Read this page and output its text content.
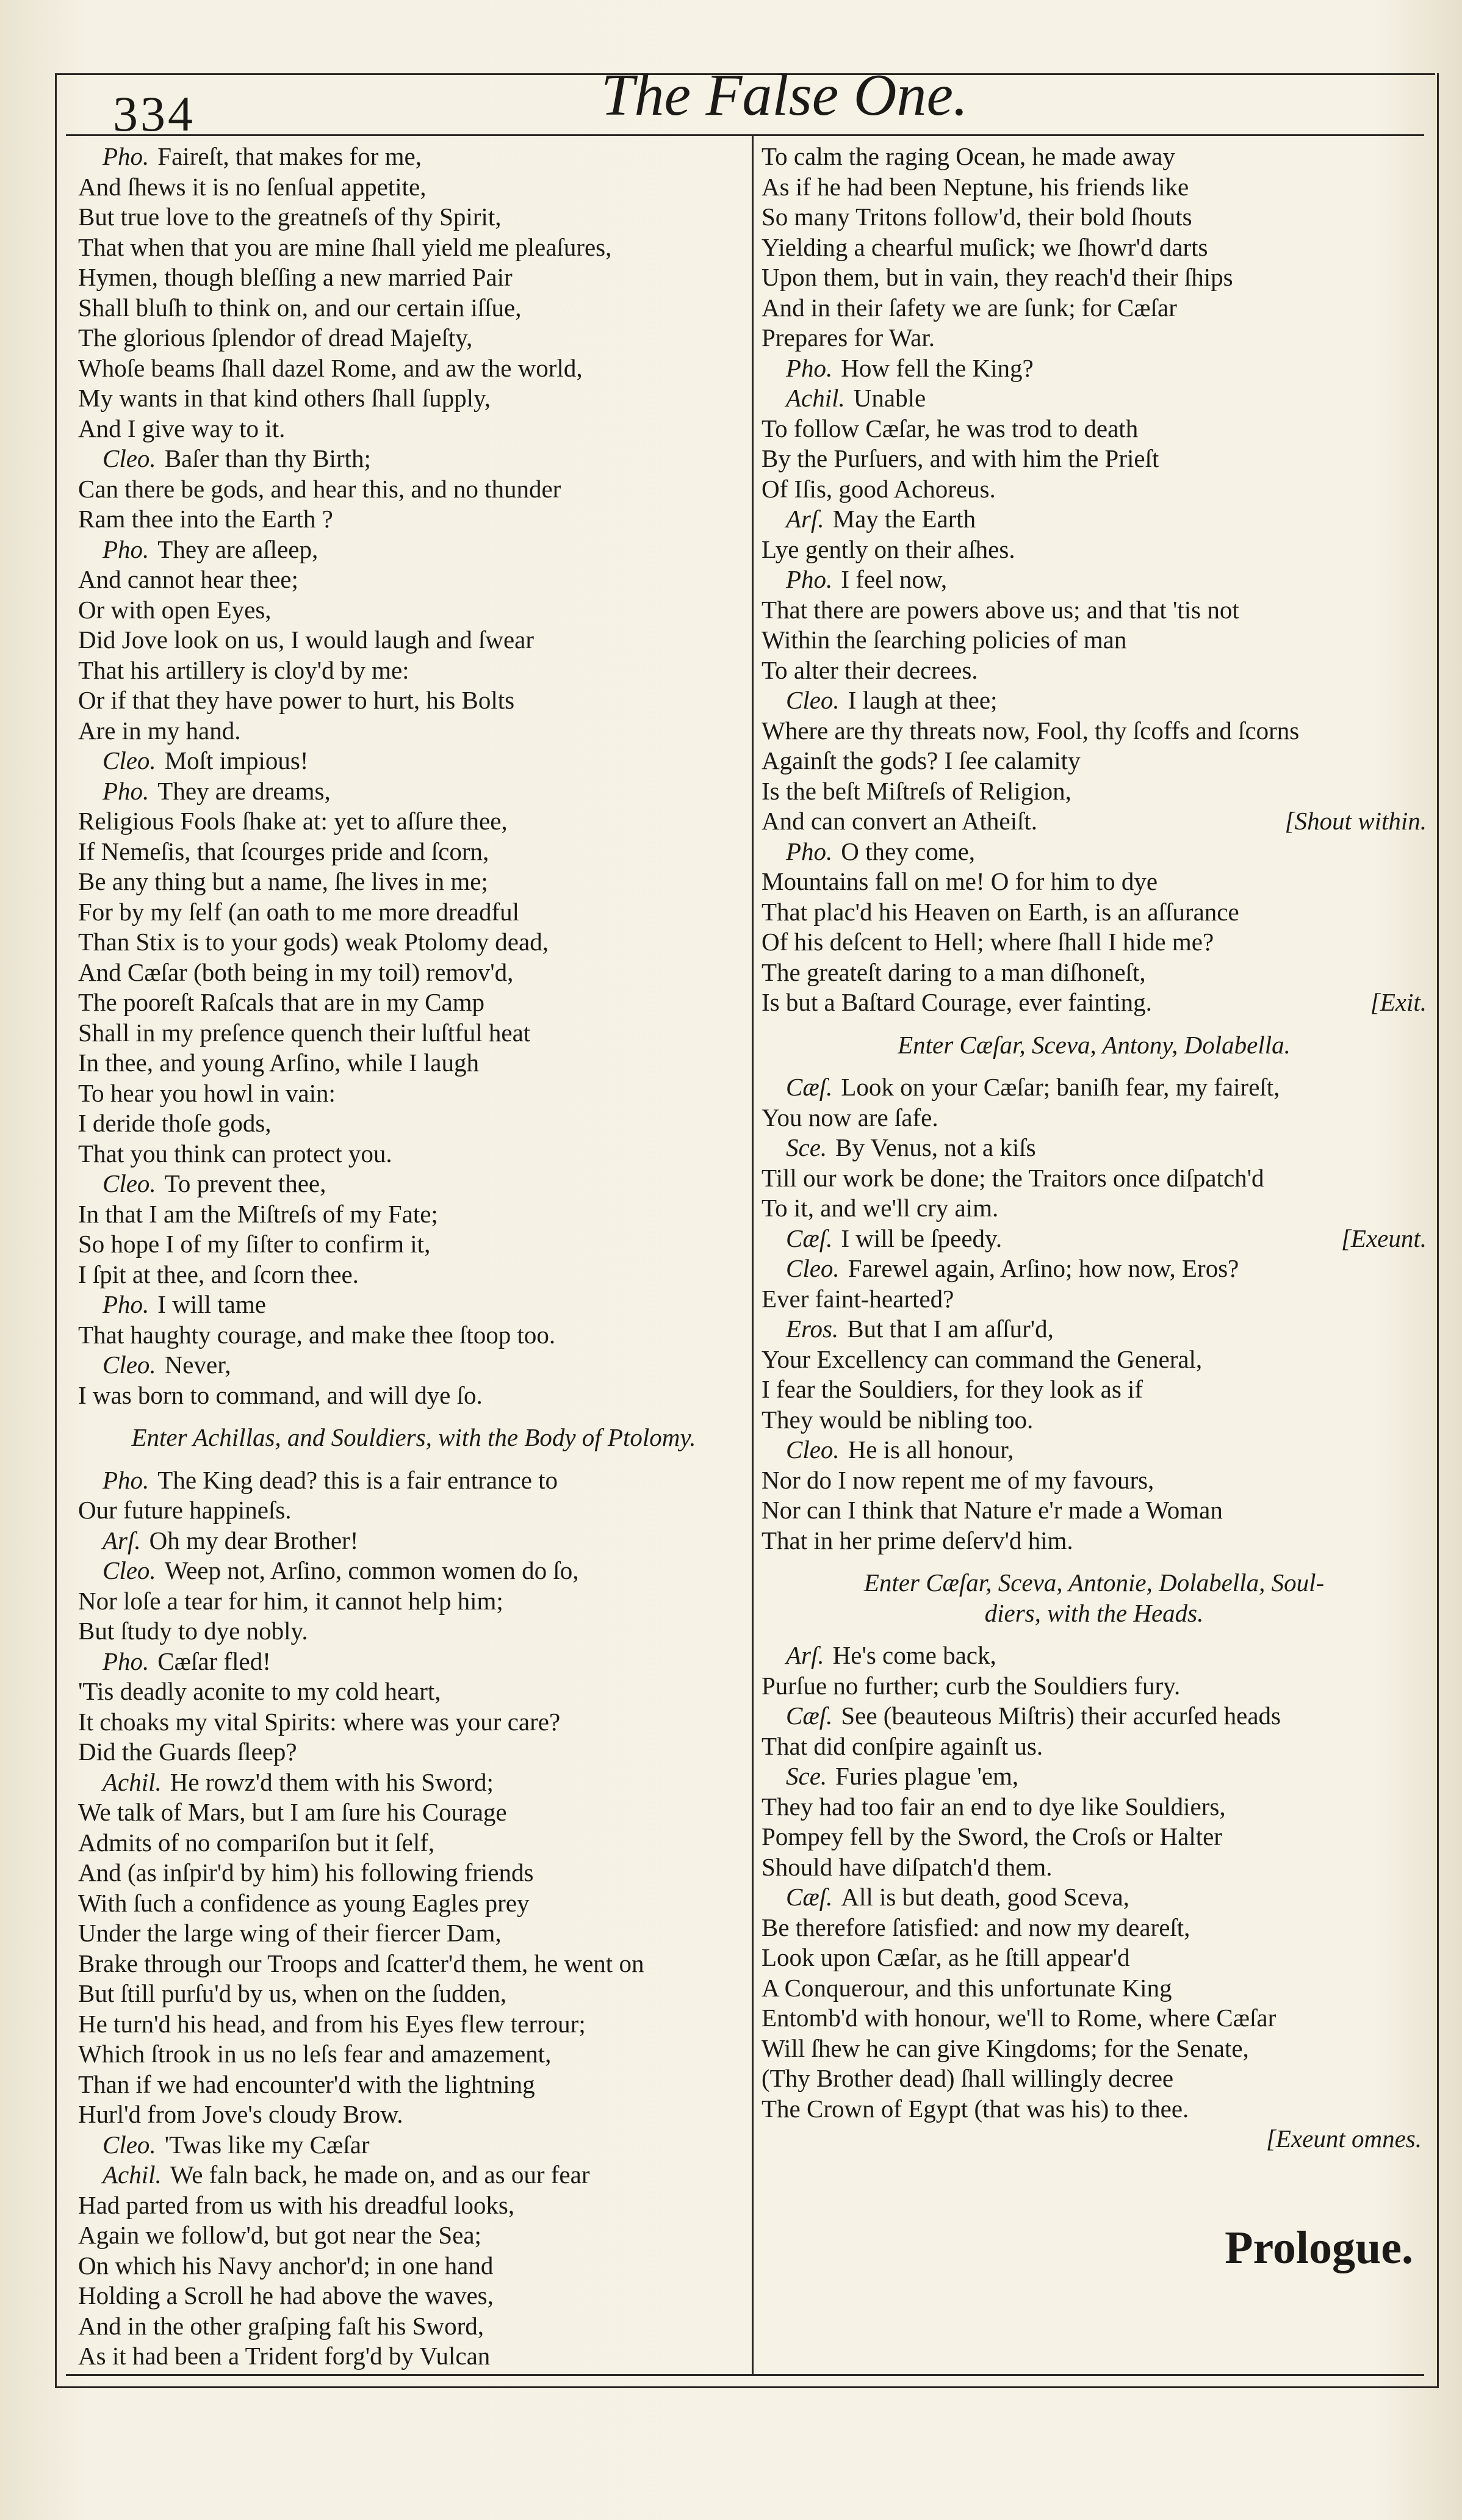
334	The False One.
Pho. Faireſt, that makes for me,
And ſhews it is no ſenſual appetite,
But true love to the greatneſs of thy Spirit,
That when that you are mine ſhall yield me pleaſures,
Hymen, though bleſſing a new married Pair
Shall bluſh to think on, and our certain iſſue,
The glorious ſplendor of dread Majeſty,
Whoſe beams ſhall dazel Rome, and aw the world,
My wants in that kind others ſhall ſupply,
And I give way to it.
Cleo. Baſer than thy Birth;
Can there be gods, and hear this, and no thunder
Ram thee into the Earth ?
Pho. They are aſleep,
And cannot hear thee;
Or with open Eyes,
Did Jove look on us, I would laugh and ſwear
That his artillery is cloy'd by me:
Or if that they have power to hurt, his Bolts
Are in my hand.
Cleo. Moſt impious!
Pho. They are dreams,
Religious Fools ſhake at: yet to aſſure thee,
If Nemeſis, that ſcourges pride and ſcorn,
Be any thing but a name, ſhe lives in me;
For by my ſelf (an oath to me more dreadful
Than Stix is to your gods) weak Ptolomy dead,
And Cæſar (both being in my toil) remov'd,
The pooreſt Raſcals that are in my Camp
Shall in my preſence quench their luſtful heat
In thee, and young Arſino, while I laugh
To hear you howl in vain:
I deride thoſe gods,
That you think can protect you.
Cleo. To prevent thee,
In that I am the Miſtreſs of my Fate;
So hope I of my ſiſter to confirm it,
I ſpit at thee, and ſcorn thee.
Pho. I will tame
That haughty courage, and make thee ſtoop too.
Cleo. Never,
I was born to command, and will dye ſo.
Enter Achillas, and Souldiers, with the Body of Ptolomy.
Pho. The King dead? this is a fair entrance to
Our future happineſs.
Arſ. Oh my dear Brother!
Cleo. Weep not, Arſino, common women do ſo,
Nor loſe a tear for him, it cannot help him;
But ſtudy to dye nobly.
Pho. Cæſar fled!
'Tis deadly aconite to my cold heart,
It choaks my vital Spirits: where was your care?
Did the Guards ſleep?
Achil. He rowz'd them with his Sword;
We talk of Mars, but I am ſure his Courage
Admits of no compariſon but it ſelf,
And (as inſpir'd by him) his following friends
With ſuch a confidence as young Eagles prey
Under the large wing of their fiercer Dam,
Brake through our Troops and ſcatter'd them, he went on
But ſtill purſu'd by us, when on the ſudden,
He turn'd his head, and from his Eyes flew terrour;
Which ſtrook in us no leſs fear and amazement,
Than if we had encounter'd with the lightning
Hurl'd from Jove's cloudy Brow.
Cleo. 'Twas like my Cæſar
Achil. We faln back, he made on, and as our fear
Had parted from us with his dreadful looks,
Again we follow'd, but got near the Sea;
On which his Navy anchor'd; in one hand
Holding a Scroll he had above the waves,
And in the other graſping faſt his Sword,
As it had been a Trident forg'd by Vulcan
To calm the raging Ocean, he made away
As if he had been Neptune, his friends like
So many Tritons follow'd, their bold ſhouts
Yielding a chearful muſick; we ſhowr'd darts
Upon them, but in vain, they reach'd their ſhips
And in their ſafety we are ſunk; for Cæſar
Prepares for War.
Pho. How fell the King?
Achil. Unable
To follow Cæſar, he was trod to death
By the Purſuers, and with him the Prieſt
Of Iſis, good Achoreus.
Arſ. May the Earth
Lye gently on their aſhes.
Pho. I feel now,
That there are powers above us; and that 'tis not
Within the ſearching policies of man
To alter their decrees.
Cleo. I laugh at thee;
Where are thy threats now, Fool, thy ſcoffs and ſcorns
Againſt the gods? I ſee calamity
Is the beſt Miſtreſs of Religion,
And can convert an Atheiſt.	[Shout within.
Pho. O they come,
Mountains fall on me! O for him to dye
That plac'd his Heaven on Earth, is an aſſurance
Of his deſcent to Hell; where ſhall I hide me?
The greateſt daring to a man diſhoneſt,
Is but a Baſtard Courage, ever fainting.	[Exit.
Enter Cæſar, Sceva, Antony, Dolabella.
Cæſ. Look on your Cæſar; baniſh fear, my faireſt,
You now are ſafe.
Sce. By Venus, not a kiſs
Till our work be done; the Traitors once diſpatch'd
To it, and we'll cry aim.
Cæſ. I will be ſpeedy.	[Exeunt.
Cleo. Farewel again, Arſino; how now, Eros?
Ever faint-hearted?
Eros. But that I am aſſur'd,
Your Excellency can command the General,
I fear the Souldiers, for they look as if
They would be nibling too.
Cleo. He is all honour,
Nor do I now repent me of my favours,
Nor can I think that Nature e'r made a Woman
That in her prime deſerv'd him.
Enter Cæſar, Sceva, Antonie, Dolabella, Soul-
diers, with the Heads.
Arſ. He's come back,
Purſue no further; curb the Souldiers fury.
Cæſ. See (beauteous Miſtris) their accurſed heads
That did conſpire againſt us.
Sce. Furies plague 'em,
They had too fair an end to dye like Souldiers,
Pompey fell by the Sword, the Croſs or Halter
Should have diſpatch'd them.
Cæſ. All is but death, good Sceva,
Be therefore ſatisfied: and now my deareſt,
Look upon Cæſar, as he ſtill appear'd
A Conquerour, and this unfortunate King
Entomb'd with honour, we'll to Rome, where Cæſar
Will ſhew he can give Kingdoms; for the Senate,
(Thy Brother dead) ſhall willingly decree
The Crown of Egypt (that was his) to thee.
[Exeunt omnes.
Prologue.
